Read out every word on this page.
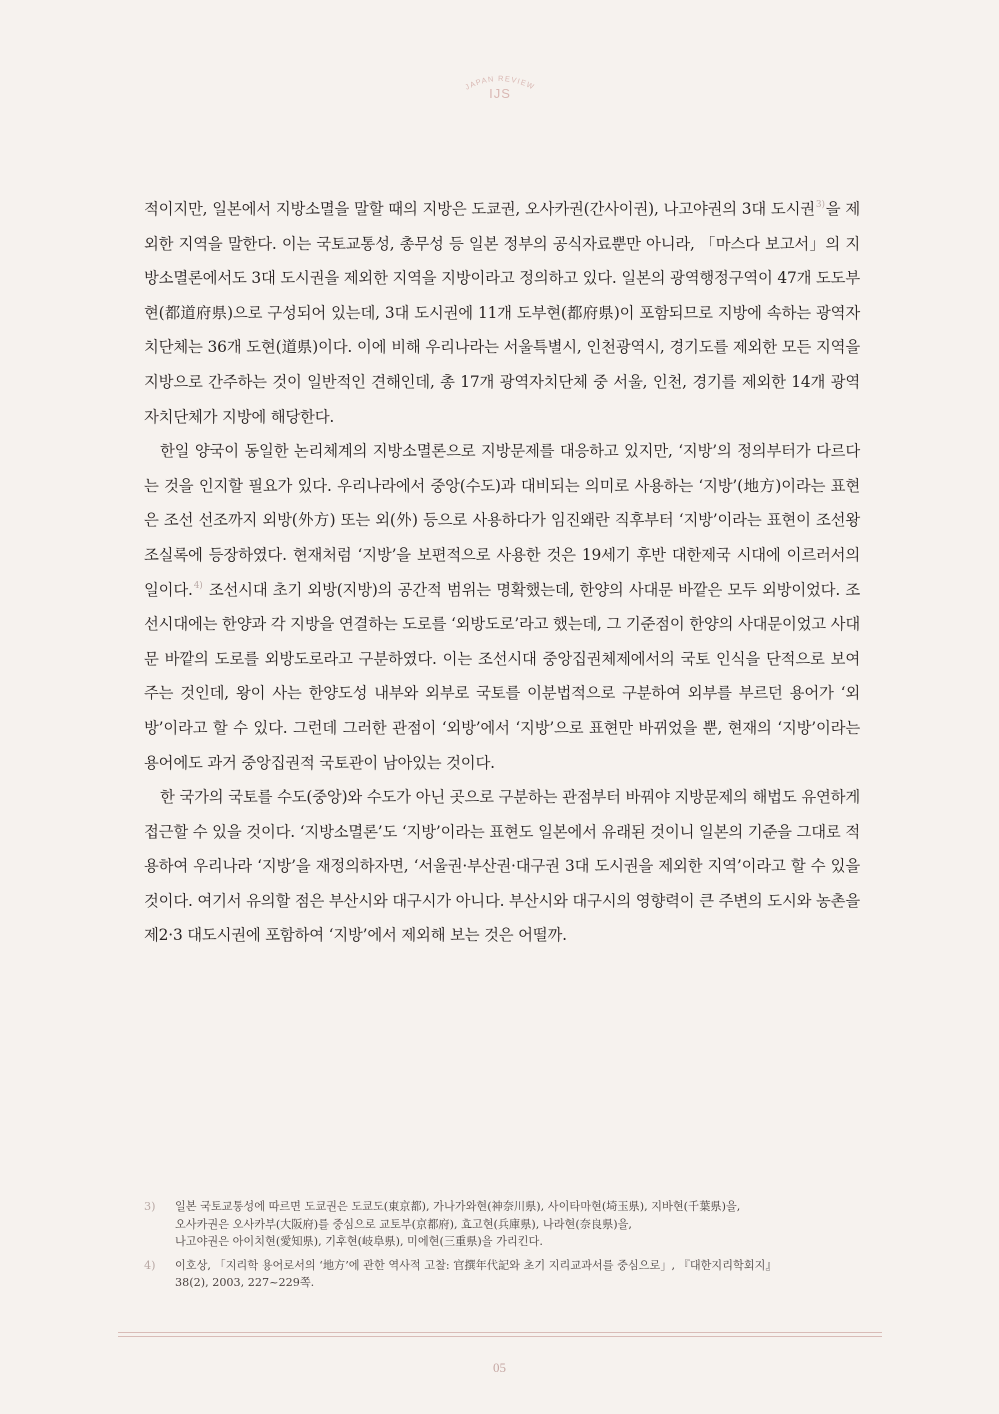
JAPAN REVIEW
IJS

적이지만, 일본에서 지방소멸을 말할 때의 지방은 도쿄권, 오사카권(간사이권), 나고야권의 3대 도시권$^{3)}$을 제외한 지역을 말한다. 이는 국토교통성, 총무성 등 일본 정부의 공식자료뿐만 아니라, 「마스다 보고서」의 지방소멸론에서도 3대 도시권을 제외한 지역을 지방이라고 정의하고 있다. 일본의 광역행정구역이 47개 도도부현(都道府県)으로 구성되어 있는데, 3대 도시권에 11개 도부현(都府県)이 포함되므로 지방에 속하는 광역자치단체는 36개 도현(道県)이다. 이에 비해 우리나라는 서울특별시, 인천광역시, 경기도를 제외한 모든 지역을 지방으로 간주하는 것이 일반적인 견해인데, 총 17개 광역자치단체 중 서울, 인천, 경기를 제외한 14개 광역자치단체가 지방에 해당한다.

한일 양국이 동일한 논리체계의 지방소멸론으로 지방문제를 대응하고 있지만, ‘지방’의 정의부터가 다르다는 것을 인지할 필요가 있다. 우리나라에서 중앙(수도)과 대비되는 의미로 사용하는 ‘지방’(地方)이라는 표현은 조선 선조까지 외방(外方) 또는 외(外) 등으로 사용하다가 임진왜란 직후부터 ‘지방’이라는 표현이 조선왕조실록에 등장하였다. 현재처럼 ‘지방’을 보편적으로 사용한 것은 19세기 후반 대한제국 시대에 이르러서의 일이다.$^{4)}$ 조선시대 초기 외방(지방)의 공간적 범위는 명확했는데, 한양의 사대문 바깥은 모두 외방이었다. 조선시대에는 한양과 각 지방을 연결하는 도로를 ‘외방도로’라고 했는데, 그 기준점이 한양의 사대문이었고 사대문 바깥의 도로를 외방도로라고 구분하였다. 이는 조선시대 중앙집권체제에서의 국토 인식을 단적으로 보여주는 것인데, 왕이 사는 한양도성 내부와 외부로 국토를 이분법적으로 구분하여 외부를 부르던 용어가 ‘외방’이라고 할 수 있다. 그런데 그러한 관점이 ‘외방’에서 ‘지방’으로 표현만 바뀌었을 뿐, 현재의 ‘지방’이라는 용어에도 과거 중앙집권적 국토관이 남아있는 것이다.

한 국가의 국토를 수도(중앙)와 수도가 아닌 곳으로 구분하는 관점부터 바꿔야 지방문제의 해법도 유연하게 접근할 수 있을 것이다. ‘지방소멸론’도 ‘지방’이라는 표현도 일본에서 유래된 것이니 일본의 기준을 그대로 적용하여 우리나라 ‘지방’을 재정의하자면, ‘서울권·부산권·대구권 3대 도시권을 제외한 지역’이라고 할 수 있을 것이다. 여기서 유의할 점은 부산시와 대구시가 아니다. 부산시와 대구시의 영향력이 큰 주변의 도시와 농촌을 제2·3 대도시권에 포함하여 ‘지방’에서 제외해 보는 것은 어떨까.

3)	일본 국토교통성에 따르면 도쿄권은 도쿄도(東京都), 가나가와현(神奈川県), 사이타마현(埼玉県), 지바현(千葉県)을,
오사카권은 오사카부(大阪府)를 중심으로 교토부(京都府), 효고현(兵庫県), 나라현(奈良県)을,
나고야권은 아이치현(愛知県), 기후현(岐阜県), 미에현(三重県)을 가리킨다.
4)	이호상, 「지리학 용어로서의 ‘地方’에 관한 역사적 고찰: 官撰年代記와 초기 지리교과서를 중심으로」, 『대한지리학회지』
38(2), 2003, 227~229쪽.
05
